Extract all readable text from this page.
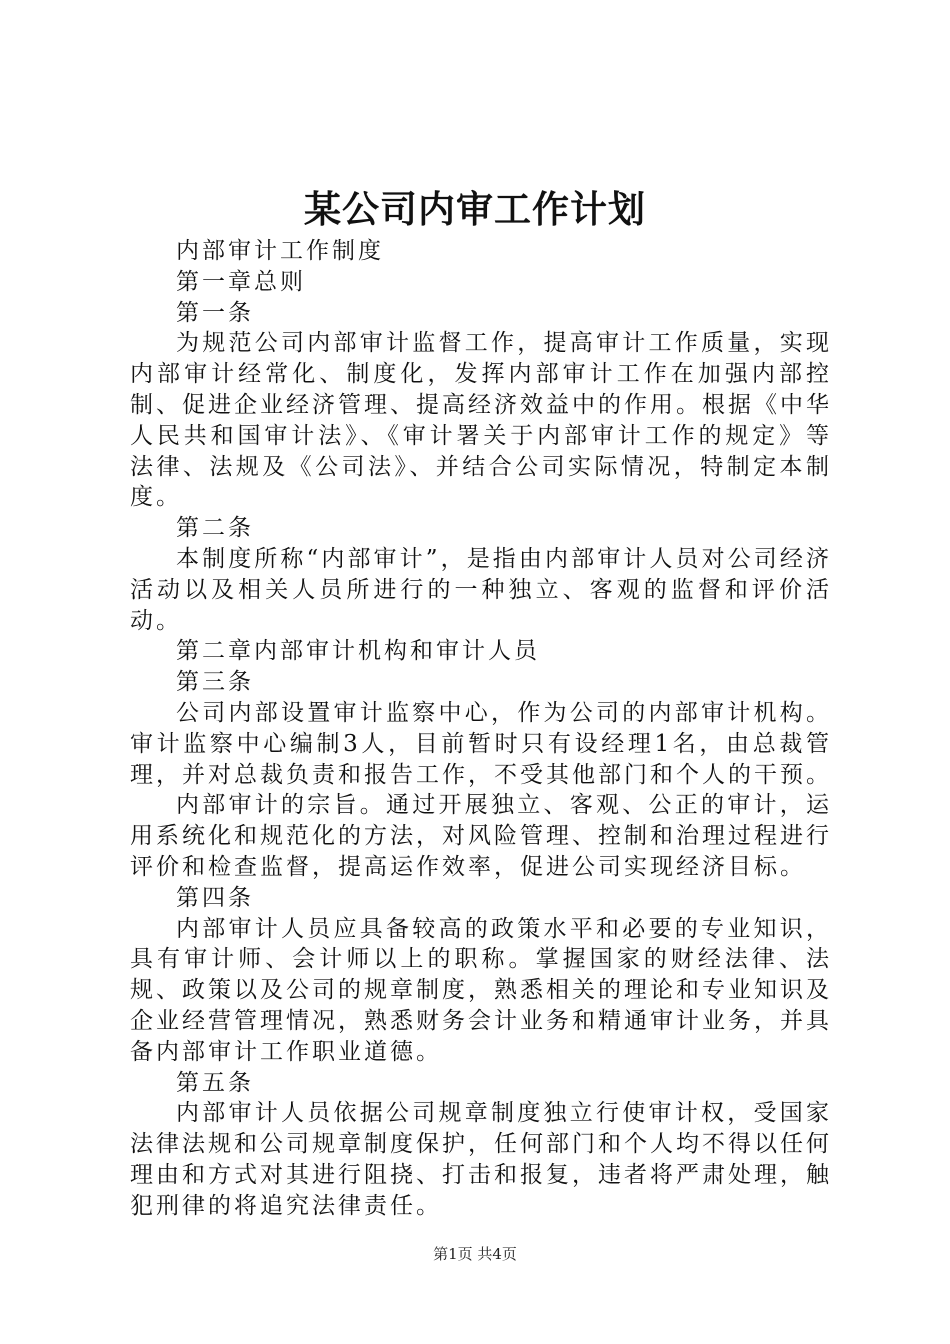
某公司内审工作计划

内部审计工作制度

第一章总则

第一条

为规范公司内部审计监督工作，提高审计工作质量，实现内部审计经常化、制度化，发挥内部审计工作在加强内部控制、促进企业经济管理、提高经济效益中的作用。根据《中华人民共和国审计法》、《审计署关于内部审计工作的规定》等法律、法规及《公司法》、并结合公司实际情况，特制定本制度。

第二条

本制度所称“内部审计”，是指由内部审计人员对公司经济活动以及相关人员所进行的一种独立、客观的监督和评价活动。

第二章内部审计机构和审计人员

第三条

公司内部设置审计监察中心，作为公司的内部审计机构。审计监察中心编制3人，目前暂时只有设经理1名，由总裁管理，并对总裁负责和报告工作，不受其他部门和个人的干预。

内部审计的宗旨。通过开展独立、客观、公正的审计，运用系统化和规范化的方法，对风险管理、控制和治理过程进行评价和检查监督，提高运作效率，促进公司实现经济目标。

第四条

内部审计人员应具备较高的政策水平和必要的专业知识，具有审计师、会计师以上的职称。掌握国家的财经法律、法规、政策以及公司的规章制度，熟悉相关的理论和专业知识及企业经营管理情况，熟悉财务会计业务和精通审计业务，并具备内部审计工作职业道德。

第五条

内部审计人员依据公司规章制度独立行使审计权，受国家法律法规和公司规章制度保护，任何部门和个人均不得以任何理由和方式对其进行阻挠、打击和报复，违者将严肃处理，触犯刑律的将追究法律责任。

第1页 共4页
